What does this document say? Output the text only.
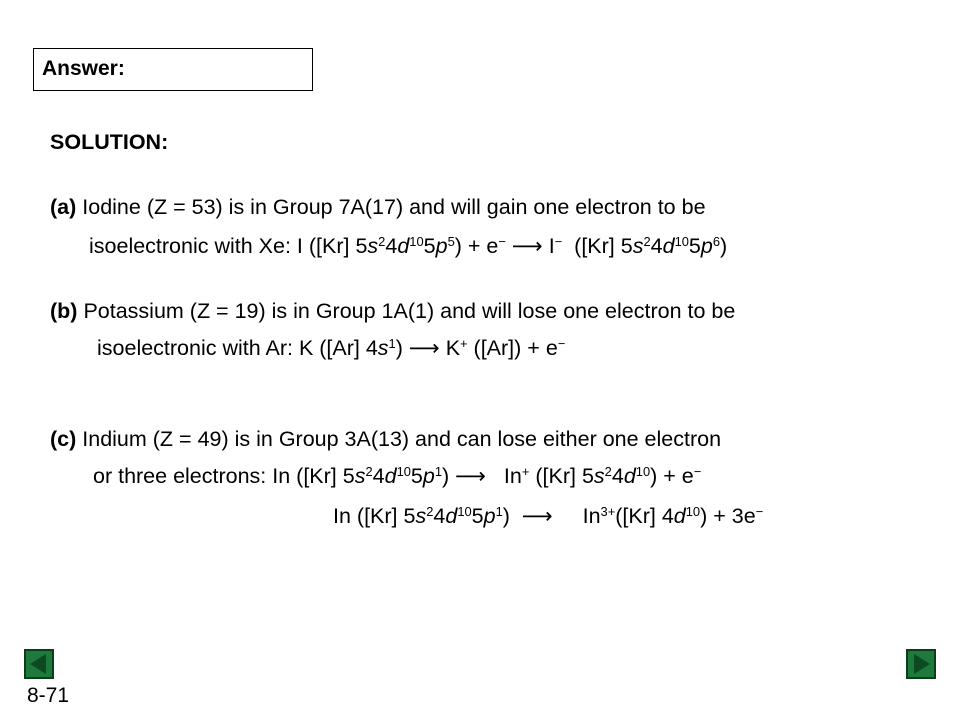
Answer:
SOLUTION:
(a) Iodine (Z = 53) is in Group 7A(17) and will gain one electron to be
isoelectronic with Xe: I ([Kr] $5s^24d^{10}5p^5) + e^-$ ⟶ I− ([Kr] $5s^24d^{10}5p^6$)
(b) Potassium (Z = 19) is in Group 1A(1) and will lose one electron to be
isoelectronic with Ar: K ([Ar] $4s^1$) ⟶ K+ ([Ar]) + e−
(c) Indium (Z = 49) is in Group 3A(13) and can lose either one electron
or three electrons: In ([Kr] $5s^24d^{10}5p^1$) ⟶ In+ ([Kr] $5s^24d^{10}) + e^-$
In ([Kr] $5s^24d^{10}5p^1$) ⟶ $In^{3+}([Kr] 4d^{10}) + 3e^-$
8-71
